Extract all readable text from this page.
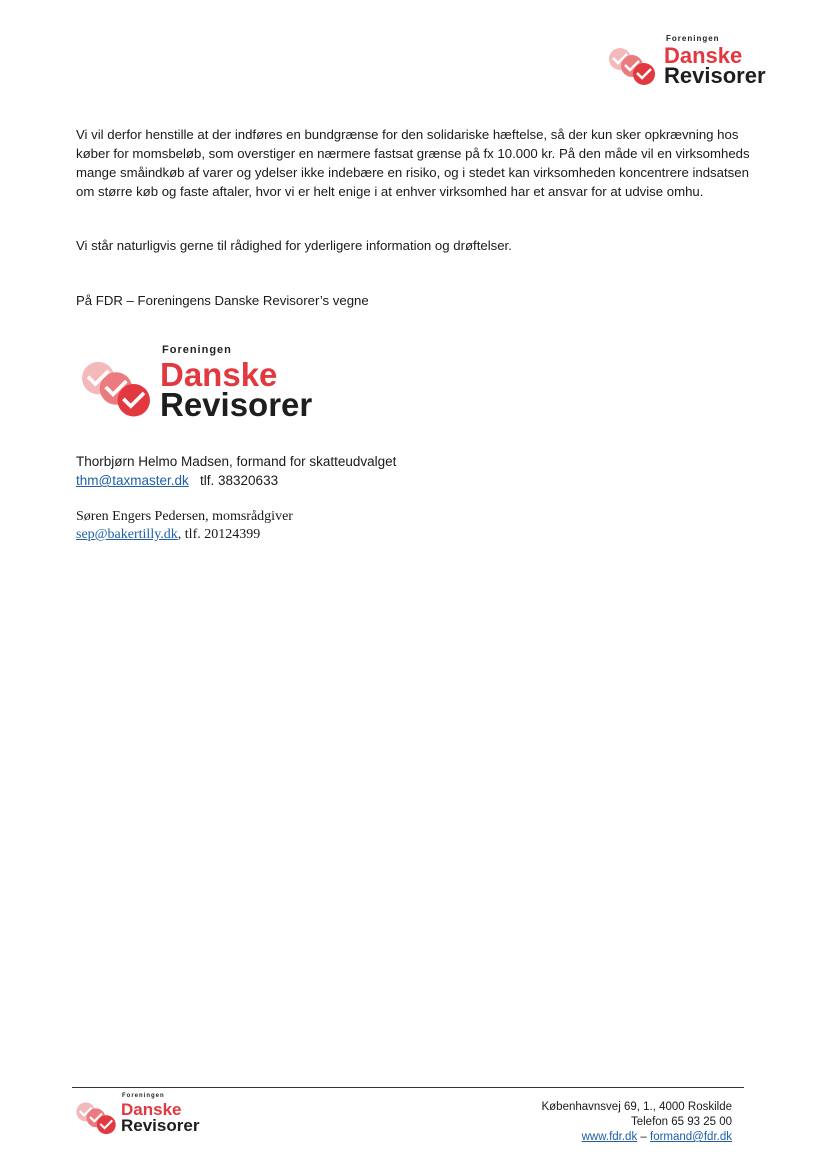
Foreningen
Danske
Revisorer
Vi vil derfor henstille at der indføres en bundgrænse for den solidariske hæftelse, så der kun sker opkrævning hos køber for momsbeløb, som overstiger en nærmere fastsat grænse på fx 10.000 kr. På den måde vil en virksomheds mange småindkøb af varer og ydelser ikke indebære en risiko, og i stedet kan virksomheden koncentrere indsatsen om større køb og faste aftaler, hvor vi er helt enige i at enhver virksomhed har et ansvar for at udvise omhu.
Vi står naturligvis gerne til rådighed for yderligere information og drøftelser.
På FDR – Foreningens Danske Revisorer’s vegne
Foreningen
Danske
Revisorer
Thorbjørn Helmo Madsen, formand for skatteudvalget
thm@taxmaster.dk tlf. 38320633
Søren Engers Pedersen, momsrådgiver
sep@bakertilly.dk, tlf. 20124399
Foreningen
Danske
Revisorer
Københavnsvej 69, 1., 4000 Roskilde
Telefon 65 93 25 00
www.fdr.dk – formand@fdr.dk
